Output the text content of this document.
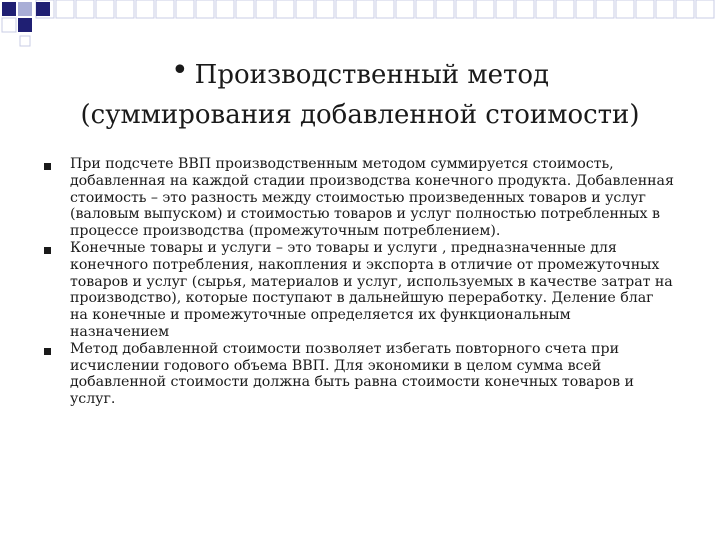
• Производственный метод
(суммирования добавленной стоимости)
При подсчете ВВП производственным методом суммируется стоимость, добавленная на каждой стадии производства конечного продукта. Добавленная стоимость – это разность между стоимостью произведенных товаров и услуг (валовым выпуском) и стоимостью товаров и услуг полностью потребленных в процессе производства (промежуточным потреблением).
Конечные товары и услуги – это товары и услуги , предназначенные для конечного потребления, накопления и экспорта в отличие от промежуточных товаров и услуг (сырья, материалов и услуг, используемых в качестве затрат на производство), которые поступают в дальнейшую переработку. Деление благ на конечные и промежуточные определяется их функциональным назначением
Метод добавленной стоимости позволяет избегать повторного счета при исчислении годового объема ВВП. Для экономики в целом сумма всей добавленной стоимости должна быть равна стоимости конечных товаров и услуг.
